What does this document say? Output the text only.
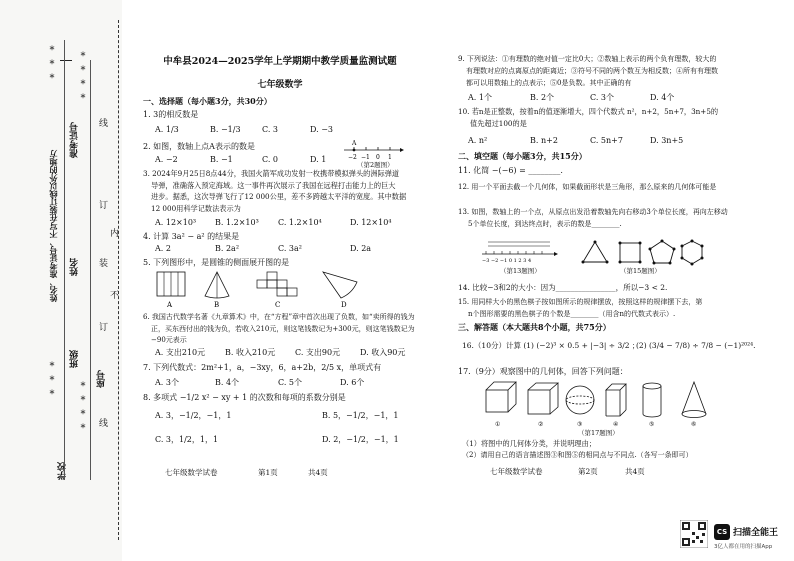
*
*
*
*
*
*
*
*
*
*
*
*
*
*
姓名、准考证号、不写在装订线以外的地方
学校
班级
姓名
准考证号
座号
线
订
装
内
不
订
线
中牟县2024—2025学年上学期期中教学质量监测试题
七年级数学
一、选择题（每小题3分，共30分）
1. 3的相反数是
A. 1/3	B. −1/3	C. 3	D. −3
2. 如图，数轴上点A表示的数是	A
−2 −1 0 1
（第2题图）
A. −2	B. −1	C. 0	D. 1
3. 2024年9月25日8点44分，我国火箭军成功发射一枚携带模拟弹头的洲际弹道
导弹，准确落入预定海域。这一事件再次展示了我国在远程打击能力上的巨大
进步。据悉，这次导弹飞行了12 000公里，差不多跨越太平洋的宽度。其中数据
12 000用科学记数法表示为
A. 12×10³ B. 1.2×10³ C. 1.2×10⁴	D. 12×10⁴
4. 计算 3a² − a² 的结果是
A. 2	B. 2a²	C. 3a²	D. 2a
5. 下列图形中，是圆锥的侧面展开图的是
A	B	C	D
6. 我国古代数学名著《九章算术》中，在“方程”章中首次出现了负数，如“卖所得的钱为
正，买东西付出的钱为负，若收入210元，则这笔钱数记为+300元，则这笔钱数记为
−90元表示
A. 支出210元 B. 收入210元 C. 支出90元 D. 收入90元
7. 下列代数式：2m²+1，a，−3xy，6，a+2b，2/5 x，单项式有
A. 3个	B. 4个	C. 5个	D. 6个
8. 多项式 −1/2 x² − xy + 1 的次数和每项的系数分别是
A. 3，−1/2，−1，1	B. 5，−1/2，−1，1
C. 3，1/2，1，1	D. 2，−1/2，−1，1
七年级数学试卷	第1页	共4页
9. 下列说法：①有理数的绝对值一定比0大；②数轴上表示的两个负有理数，较大的
有理数对应的点离原点的距离近；③符号不同的两个数互为相反数；④所有有理数
都可以用数轴上的点表示；⑤0是负数。其中正确的有
A. 1个	B. 2个	C. 3个	D. 4个
10. 若n是正整数，按着n的值逐渐增大，四个代数式 n²，n+2，5n+7，3n+5的
值先超过100的是
A. n²	B. n+2	C. 5n+7	D. 3n+5
二、填空题（每小题3分，共15分）
11. 化简 −(−6) = ________.
12. 用一个平面去截一个几何体，如果截面形状是三角形，那么原来的几何体可能是
13. 如图，数轴上的一个点，从原点出发沿着数轴先向右移动3个单位长度，再向左移动
5个单位长度，到达终点时，表示的数是________.
−3 −2 −1 0 1 2 3 4
（第13题图）	（第15题图）
14. 比较−3和2的大小：因为________________，所以−3 < 2.
15. 用同样大小的黑色棋子按如图所示的规律摆放，按照这样的规律摆下去，第
n个图形需要的黑色棋子的个数是________（用含n的代数式表示）.
三、解答题（本大题共8个小题，共75分）
16.（10分）计算 (1) (−2)³ × 0.5 + |−3| ÷ 3/2 ；
(2) (3/4 − 7/8) ÷ 7/8 − (−1)²⁰²⁴.
17.（9分）观察图中的几何体，回答下列问题：
①	②	③	④	⑤	⑥
（第17题图）
（1）将图中的几何体分类，并说明理由；
（2）请用自己的语言描述图③和图⑤的相同点与不同点.（各写一条即可）
七年级数学试卷	第2页	共4页
CS 扫描全能王
3亿人都在用的扫描App
